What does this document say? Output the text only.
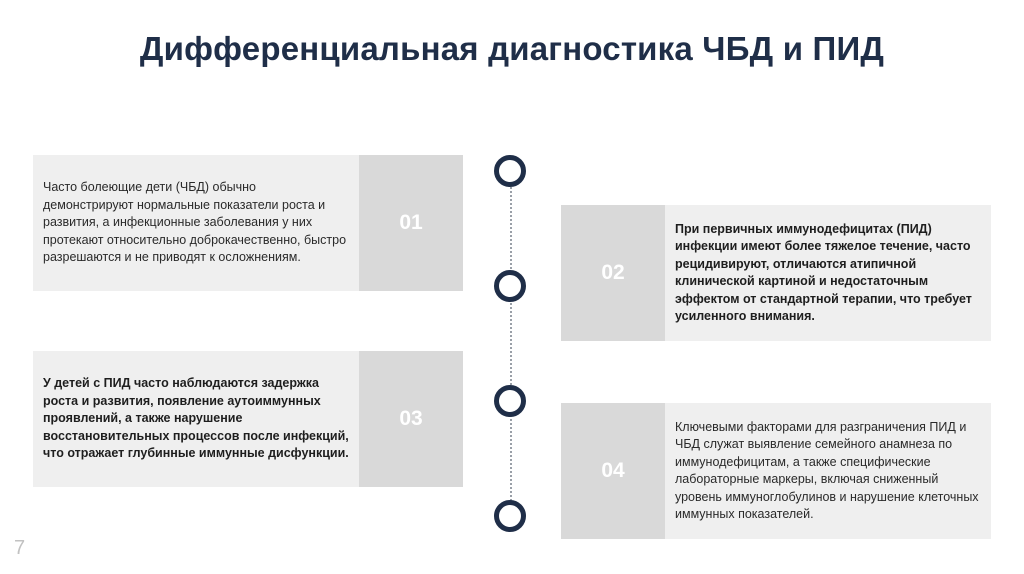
Дифференциальная диагностика ЧБД и ПИД
Часто болеющие дети (ЧБД) обычно демонстрируют нормальные показатели роста и развития, а инфекционные заболевания у них протекают относительно доброкачественно, быстро разрешаются и не приводят к осложнениям.
01
02
При первичных иммунодефицитах (ПИД) инфекции имеют более тяжелое течение, часто рецидивируют, отличаются атипичной клинической картиной и недостаточным эффектом от стандартной терапии, что требует усиленного внимания.
У детей с ПИД часто наблюдаются задержка роста и развития, появление аутоиммунных проявлений, а также нарушение восстановительных процессов после инфекций, что отражает глубинные иммунные дисфункции.
03
04
Ключевыми факторами для разграничения ПИД и ЧБД служат выявление семейного анамнеза по иммунодефицитам, а также специфические лабораторные маркеры, включая сниженный уровень иммуноглобулинов и нарушение клеточных иммунных показателей.
7
